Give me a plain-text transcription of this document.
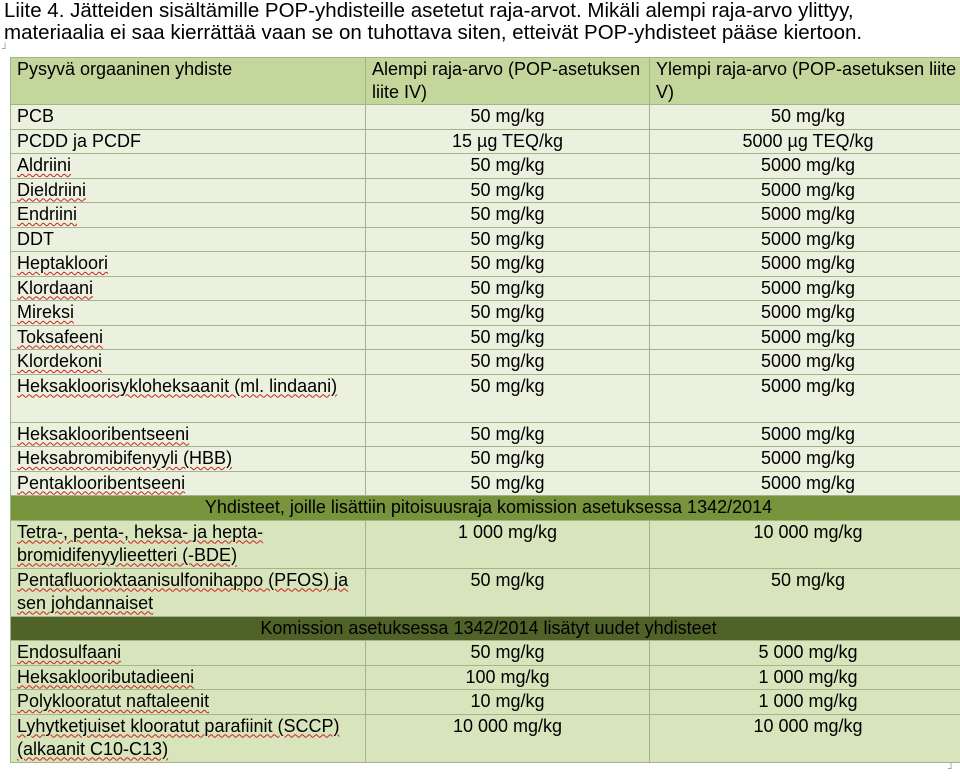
Liite 4. Jätteiden sisältämille POP-yhdisteille asetetut raja-arvot. Mikäli alempi raja-arvo ylittyy,
materiaalia ei saa kierrättää vaan se on tuhottava siten, etteivät POP-yhdisteet pääse kiertoon.
┘
┘
Pysyvä orgaaninen yhdiste	Alempi raja-arvo (POP-asetuksen liite IV)	Ylempi raja-arvo (POP-asetuksen liite V)
PCB	50 mg/kg	50 mg/kg
PCDD ja PCDF	15 µg TEQ/kg	5000 µg TEQ/kg
Aldriini	50 mg/kg	5000 mg/kg
Dieldriini	50 mg/kg	5000 mg/kg
Endriini	50 mg/kg	5000 mg/kg
DDT	50 mg/kg	5000 mg/kg
Heptakloori	50 mg/kg	5000 mg/kg
Klordaani	50 mg/kg	5000 mg/kg
Mireksi	50 mg/kg	5000 mg/kg
Toksafeeni	50 mg/kg	5000 mg/kg
Klordekoni	50 mg/kg	5000 mg/kg
Heksakloorisykloheksaanit (ml. lindaani)	50 mg/kg	5000 mg/kg
Heksaklooribentseeni	50 mg/kg	5000 mg/kg
Heksabromibifenyyli (HBB)	50 mg/kg	5000 mg/kg
Pentaklooribentseeni	50 mg/kg	5000 mg/kg
Yhdisteet, joille lisättiin pitoisuusraja komission asetuksessa 1342/2014		
Tetra-, penta-, heksa- ja hepta-bromidifenyylieetteri (-BDE)	1 000 mg/kg	10 000 mg/kg
Pentafluorioktaanisulfonihappo (PFOS) ja sen johdannaiset	50 mg/kg	50 mg/kg
Komission asetuksessa 1342/2014 lisätyt uudet yhdisteet		
Endosulfaani	50 mg/kg	5 000 mg/kg
Heksaklooributadieeni	100 mg/kg	1 000 mg/kg
Polyklooratut naftaleenit	10 mg/kg	1 000 mg/kg
Lyhytketjuiset klooratut parafiinit (SCCP) (alkaanit C10-C13)	10 000 mg/kg	10 000 mg/kg
